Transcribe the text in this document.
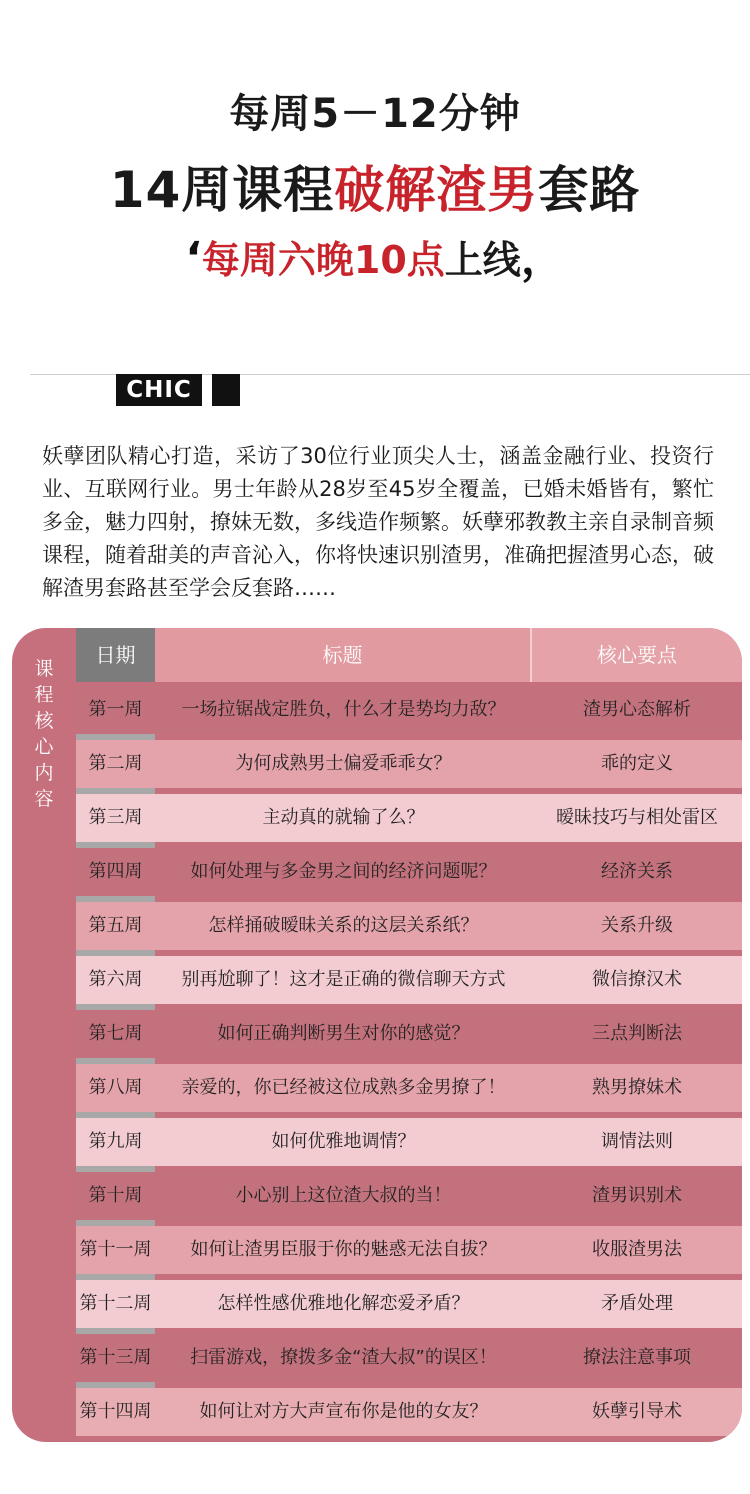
每周5－12分钟
14周课程破解渣男套路
‘每周六晚10点上线，
CHIC
妖孽团队精心打造，采访了30位行业顶尖人士，涵盖金融行业、投资行业、互联网行业。男士年龄从28岁至45岁全覆盖，已婚未婚皆有，繁忙多金，魅力四射，撩妹无数，多线造作频繁。妖孽邪教教主亲自录制音频课程，随着甜美的声音沁入，你将快速识别渣男，准确把握渣男心态，破解渣男套路甚至学会反套路……
课
程
核
心
内
容
日期	标题	核心要点
第一周	一场拉锯战定胜负，什么才是势均力敌？	渣男心态解析
第二周	为何成熟男士偏爱乖乖女？	乖的定义
第三周	主动真的就输了么？	暧昧技巧与相处雷区
第四周	如何处理与多金男之间的经济问题呢？	经济关系
第五周	怎样捅破暧昧关系的这层关系纸？	关系升级
第六周	别再尬聊了！这才是正确的微信聊天方式	微信撩汉术
第七周	如何正确判断男生对你的感觉？	三点判断法
第八周	亲爱的，你已经被这位成熟多金男撩了！	熟男撩妹术
第九周	如何优雅地调情？	调情法则
第十周	小心别上这位渣大叔的当！	渣男识别术
第十一周	如何让渣男臣服于你的魅惑无法自拔？	收服渣男法
第十二周	怎样性感优雅地化解恋爱矛盾？	矛盾处理
第十三周	扫雷游戏，撩拨多金“渣大叔”的误区！	撩法注意事项
第十四周	如何让对方大声宣布你是他的女友？	妖孽引导术
